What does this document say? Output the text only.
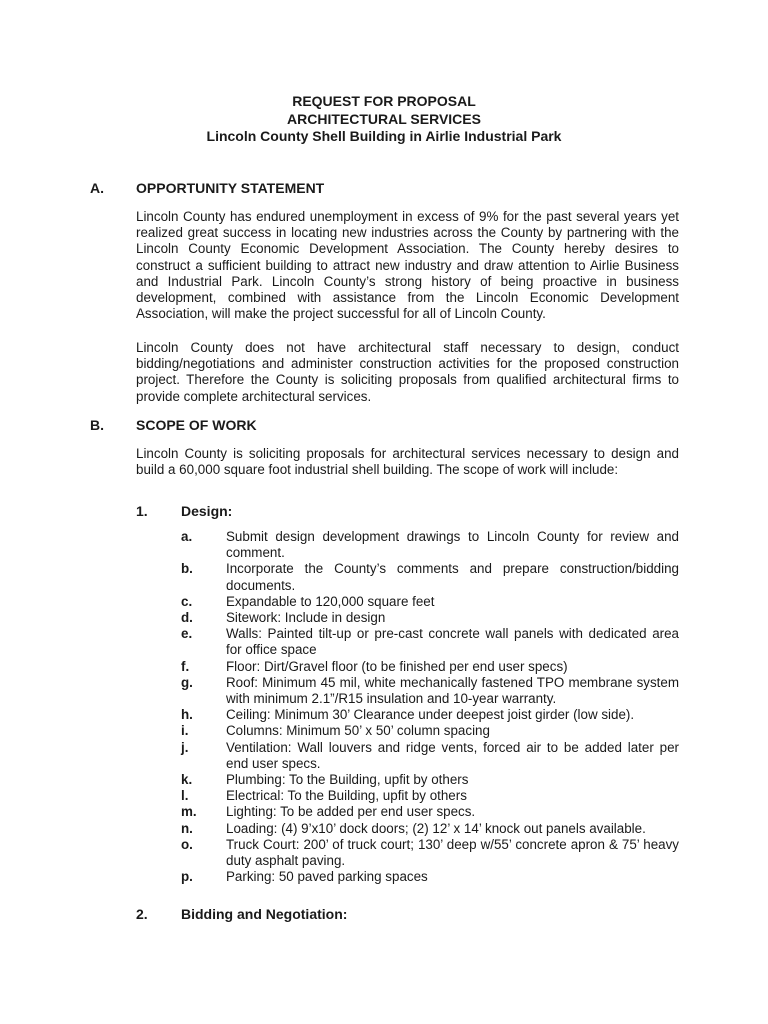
REQUEST FOR PROPOSAL
ARCHITECTURAL SERVICES
Lincoln County Shell Building in Airlie Industrial Park
A. OPPORTUNITY STATEMENT
Lincoln County has endured unemployment in excess of 9% for the past several years yet realized great success in locating new industries across the County by partnering with the Lincoln County Economic Development Association. The County hereby desires to construct a sufficient building to attract new industry and draw attention to Airlie Business and Industrial Park. Lincoln County’s strong history of being proactive in business development, combined with assistance from the Lincoln Economic Development Association, will make the project successful for all of Lincoln County.
Lincoln County does not have architectural staff necessary to design, conduct bidding/negotiations and administer construction activities for the proposed construction project. Therefore the County is soliciting proposals from qualified architectural firms to provide complete architectural services.
B. SCOPE OF WORK
Lincoln County is soliciting proposals for architectural services necessary to design and build a 60,000 square foot industrial shell building. The scope of work will include:
1. Design:
a.	Submit design development drawings to Lincoln County for review and comment.
b.	Incorporate the County’s comments and prepare construction/bidding documents.
c.	Expandable to 120,000 square feet
d.	Sitework: Include in design
e.	Walls: Painted tilt-up or pre-cast concrete wall panels with dedicated area for office space
f.	Floor: Dirt/Gravel floor (to be finished per end user specs)
g.	Roof: Minimum 45 mil, white mechanically fastened TPO membrane system with minimum 2.1”/R15 insulation and 10-year warranty.
h.	Ceiling: Minimum 30’ Clearance under deepest joist girder (low side).
i.	Columns: Minimum 50’ x 50’ column spacing
j.	Ventilation: Wall louvers and ridge vents, forced air to be added later per end user specs.
k.	Plumbing: To the Building, upfit by others
l.	Electrical: To the Building, upfit by others
m.	Lighting: To be added per end user specs.
n.	Loading: (4) 9’x10’ dock doors; (2) 12’ x 14’ knock out panels available.
o.	Truck Court: 200’ of truck court; 130’ deep w/55’ concrete apron & 75’ heavy duty asphalt paving.
p.	Parking: 50 paved parking spaces
2. Bidding and Negotiation:
